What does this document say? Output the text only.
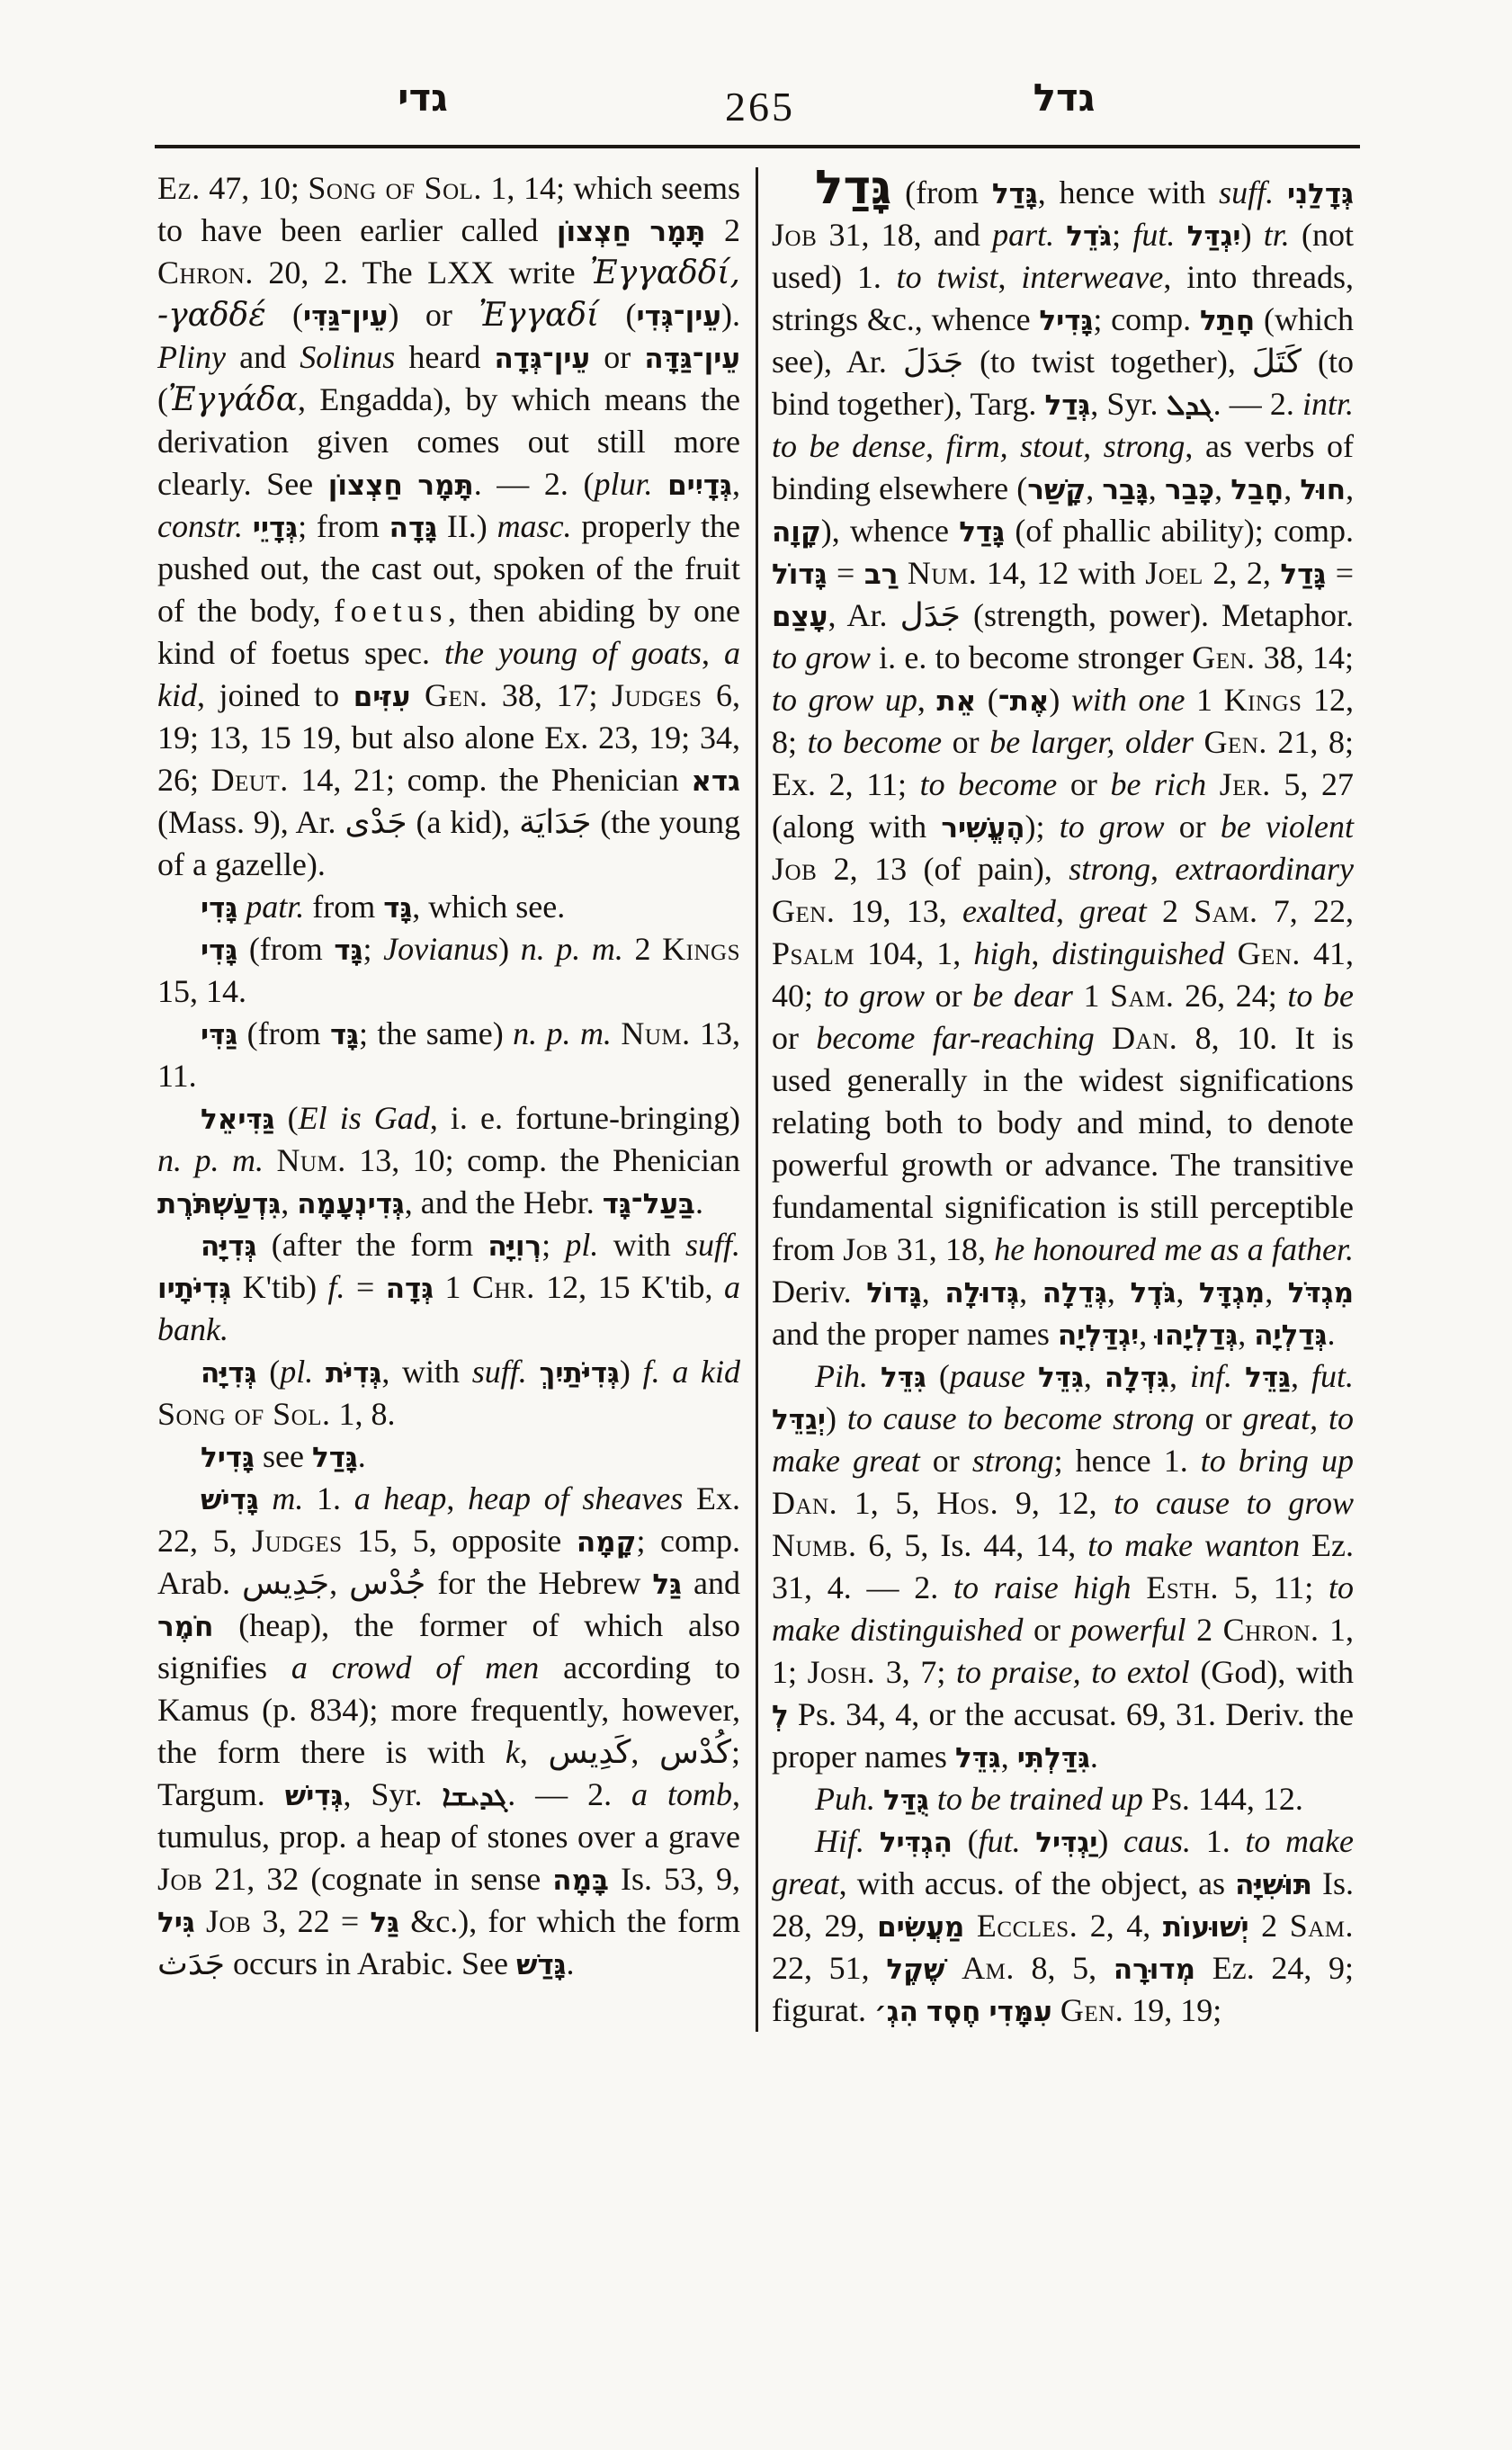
גדי	265	גדל

Ez. 47, 10; Song of Sol. 1, 14; which seems to have been earlier called חַצְצוֹן תָּמָר 2 Chron. 20, 2. The LXX write Ἐγγαδδί, -γαδδέ (עֵין־גַּדִּי) or Ἐγγαδί (עֵין־גְּדִי). Pliny and Solinus heard עֵין־גְּדָה or עֵין־גַּדָּה (Ἐγγάδα, Engadda), by which means the derivation given comes out still more clearly. See חַצְצוֹן תָּמָר. — 2. (plur. גְּדָיִים, constr. גְּדָיֵי; from גָּדָה II.) masc. properly the pushed out, the cast out, spoken of the fruit of the body, foetus, then abiding by one kind of foetus spec. the young of goats, a kid, joined to עִזִּים Gen. 38, 17; Judges 6, 19; 13, 15 19, but also alone Ex. 23, 19; 34, 26; Deut. 14, 21; comp. the Phenician גדא (Mass. 9), Ar. جَدْى (a kid), جَدَايَة (the young of a gazelle).

גָּדִי patr. from גָּד, which see.

גָּדִי (from גָּד; Jovianus) n. p. m. 2 Kings 15, 14.

גַּדִּי (from גָּד; the same) n. p. m. Num. 13, 11.

גַּדִּיאֵל (El is Gad, i. e. fortune-bringing) n. p. m. Num. 13, 10; comp. the Phenician גִּדְעַשְׁתֹּרֶת, גְּדִינְעָמָה, and the Hebr. בַּעַל־גָּד.

גְּדִיָּה (after the form רְוִיָּה; pl. with suff. גְּדִיֹּתָיו K'tib) f. = גְּדָה 1 Chr. 12, 15 K'tib, a bank.

גְּדִיָּה (pl. גְּדִיֹּת, with suff. גְּדִיֹּתַיִךְ) f. a kid Song of Sol. 1, 8.

גָּדִיל see גָּדַל.

גָּדִישׁ m. 1. a heap, heap of sheaves Ex. 22, 5, Judges 15, 5, opposite קָמָה; comp. Arab. جَدِيس, جُدْس for the Hebrew גַּל and חֹמֶר (heap), the former of which also signifies a crowd of men according to Kamus (p. 834); more frequently, however, the form there is with k, كَدِيس, كُدْس; Targum. גְּדִישׁ, Syr. ܓܕܝܫܐ. — 2. a tomb, tumulus, prop. a heap of stones over a grave Job 21, 32 (cognate in sense בָּמָה Is. 53, 9, גִּיל Job 3, 22 = גַּל &c.), for which the form جَدَث occurs in Arabic. See גָּדַשׁ.

גָּדַל (from גָּדַל, hence with suff. גְּדָלַנִי Job 31, 18, and part. גֹּדֵל; fut. יִגְדַּל) tr. (not used) 1. to twist, interweave, into threads, strings &c., whence גָּדִיל; comp. חָתַל (which see), Ar. جَدَلَ (to twist together), كَتَلَ (to bind together), Targ. גְּדַל, Syr. ܓܕܠ. — 2. intr. to be dense, firm, stout, strong, as verbs of binding elsewhere (קָשַׁר, גָּבַר, כָּבַר, חָבַל, חוּל, קָוָה), whence גָּדַל (of phallic ability); comp. גָּדוֹל = רַב Num. 14, 12 with Joel 2, 2, גָּדַל = עָצַם, Ar. جَدَل (strength, power). Metaphor. to grow i. e. to become stronger Gen. 38, 14; to grow up, אֵת (אֶת־) with one 1 Kings 12, 8; to become or be larger, older Gen. 21, 8; Ex. 2, 11; to become or be rich Jer. 5, 27 (along with הֶעֱשִׁיר); to grow or be violent Job 2, 13 (of pain), strong, extraordinary Gen. 19, 13, exalted, great 2 Sam. 7, 22, Psalm 104, 1, high, distinguished Gen. 41, 40; to grow or be dear 1 Sam. 26, 24; to be or become far-reaching Dan. 8, 10. It is used generally in the widest significations relating both to body and mind, to denote powerful growth or advance. The transitive fundamental signification is still perceptible from Job 31, 18, he honoured me as a father. Deriv. גָּדוֹל, גְּדוּלָה, גְּדֵלָה, גֹּדֶל, מִגְדָּל, מִגְדֹּל and the proper names יִגְדַּלְיָה, גְּדַלְיָהוּ, גְּדַלְיָה.

Pih. גִּדֵּל (pause גִּדֵּל, גִּדְּלָה, inf. גַּדֵּל, fut. יְגַדֵּל) to cause to become strong or great, to make great or strong; hence 1. to bring up Dan. 1, 5, Hos. 9, 12, to cause to grow Numb. 6, 5, Is. 44, 14, to make wanton Ez. 31, 4. — 2. to raise high Esth. 5, 11; to make distinguished or powerful 2 Chron. 1, 1; Josh. 3, 7; to praise, to extol (God), with לְ Ps. 34, 4, or the accusat. 69, 31. Deriv. the proper names גִּדֵּל, גִּדַּלְתִּי.

Puh. גֻּדַּל to be trained up Ps. 144, 12.

Hif. הִגְדִּיל (fut. יַגְדִּיל) caus. 1. to make great, with accus. of the object, as תּוּשִׁיָּה Is. 28, 29, מַעֲשִׂים Eccles. 2, 4, יְשׁוּעוֹת 2 Sam. 22, 51, שֶׁקֶל Am. 8, 5, מְדוּרָה Ez. 24, 9; figurat. הִגְ׳ חֶסֶד עִמָּדִי Gen. 19, 19;
